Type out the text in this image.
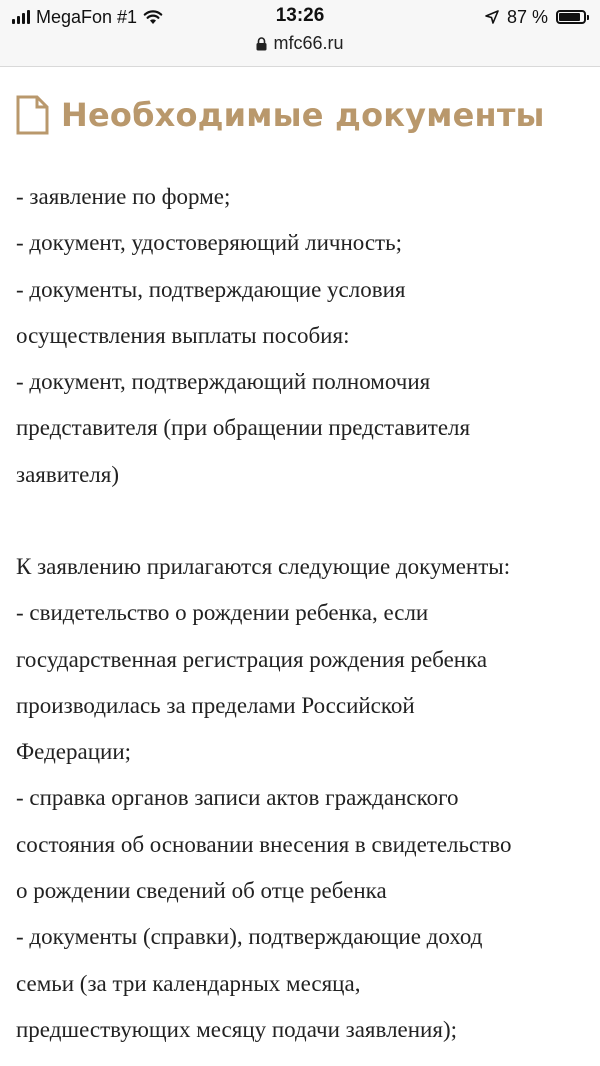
MegaFon #1	13:26	87 %
mfc66.ru
Необходимые документы
- заявление по форме;
- документ, удостоверяющий личность;
- документы, подтверждающие условия
осуществления выплаты пособия:
- документ, подтверждающий полномочия
представителя (при обращении представителя
заявителя)
К заявлению прилагаются следующие документы:
- свидетельство о рождении ребенка, если
государственная регистрация рождения ребенка
производилась за пределами Российской
Федерации;
- справка органов записи актов гражданского
состояния об основании внесения в свидетельство
о рождении сведений об отце ребенка
- документы (справки), подтверждающие доход
семьи (за три календарных месяца,
предшествующих месяцу подачи заявления);
